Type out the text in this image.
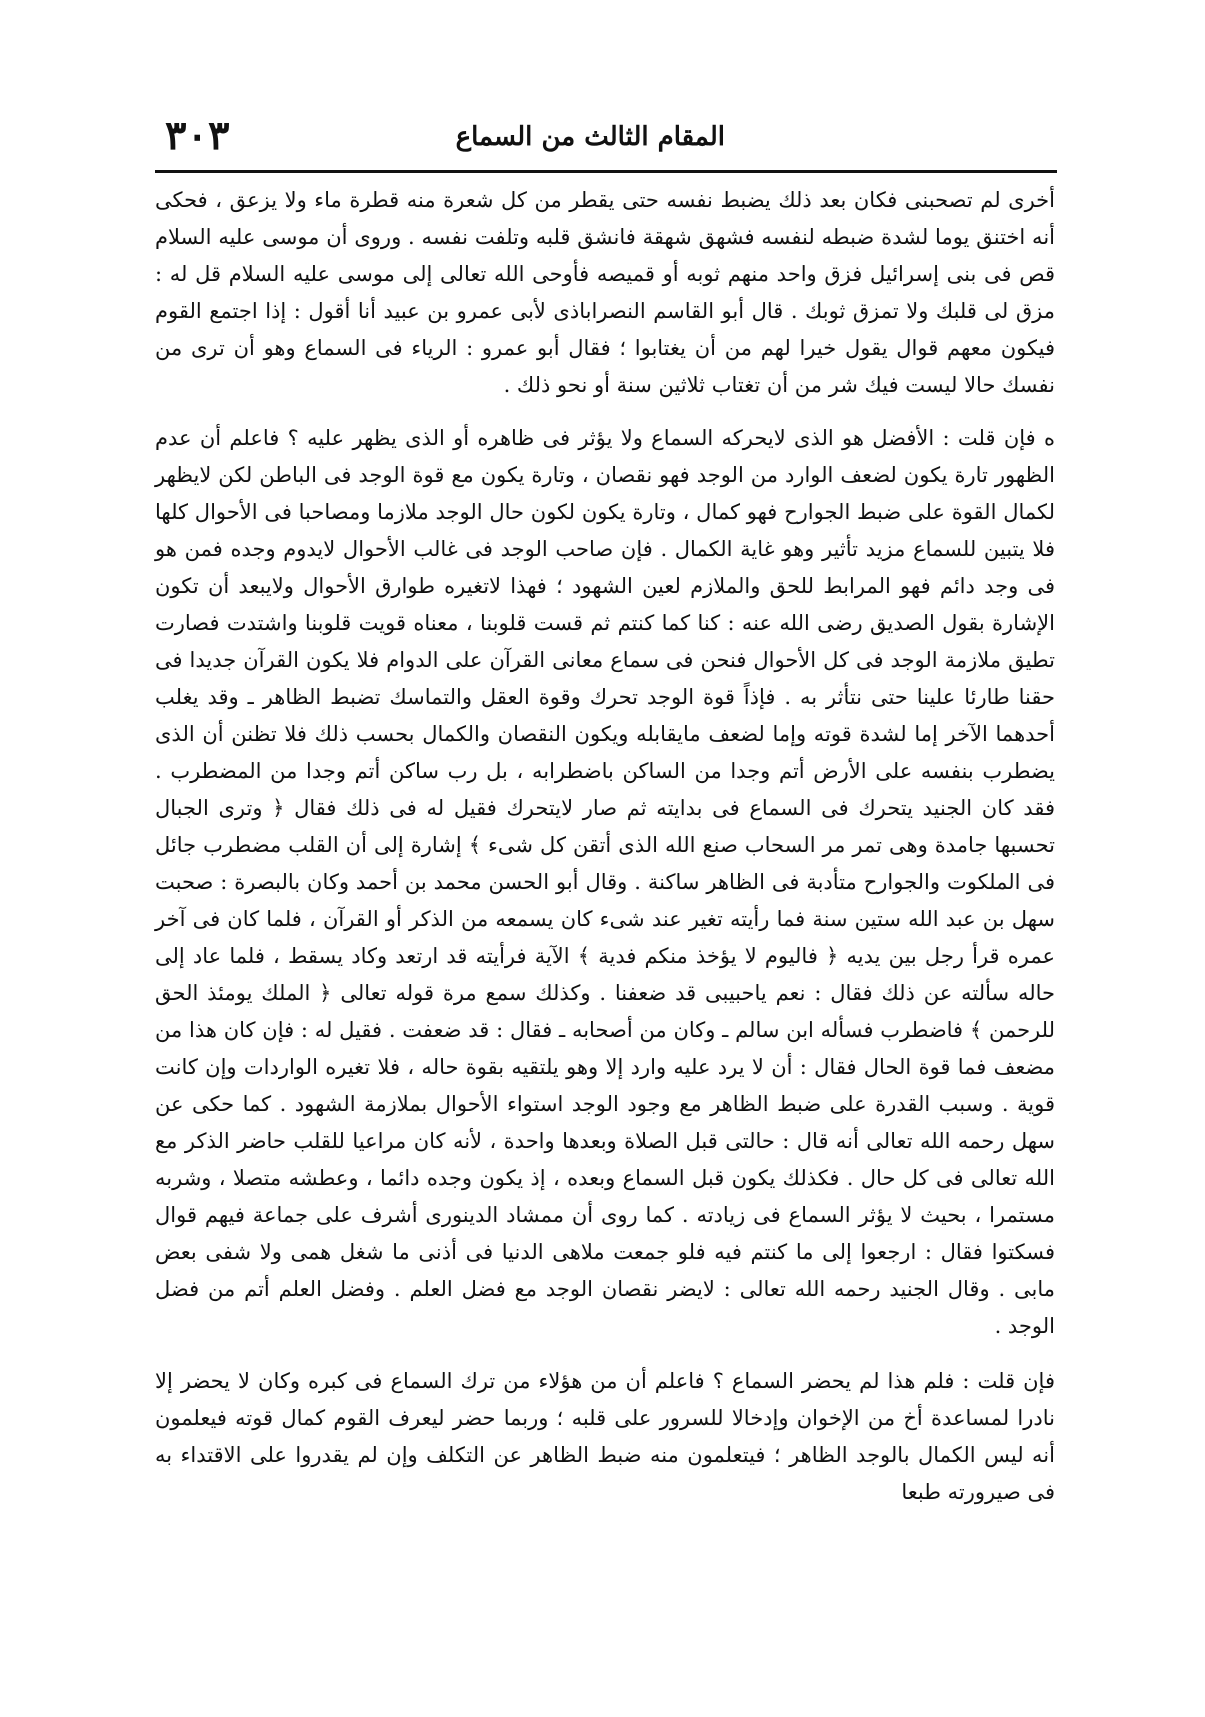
المقام الثالث من السماع
٣٠٣

أخرى لم تصحبنى فكان بعد ذلك يضبط نفسه حتى يقطر من كل شعرة منه قطرة ماء ولا يزعق ، فحكى أنه اختنق يوما لشدة ضبطه لنفسه فشهق شهقة فانشق قلبه وتلفت نفسه . وروى أن موسى عليه السلام قص فى بنى إسرائيل فزق واحد منهم ثوبه أو قميصه فأوحى الله تعالى إلى موسى عليه السلام قل له : مزق لى قلبك ولا تمزق ثوبك . قال أبو القاسم النصراباذى لأبى عمرو بن عبيد أنا أقول : إذا اجتمع القوم فيكون معهم قوال يقول خيرا لهم من أن يغتابوا ؛ فقال أبو عمرو : الرياء فى السماع وهو أن ترى من نفسك حالا ليست فيك شر من أن تغتاب ثلاثين سنة أو نحو ذلك .

ه فإن قلت : الأفضل هو الذى لايحركه السماع ولا يؤثر فى ظاهره أو الذى يظهر عليه ؟ فاعلم أن عدم الظهور تارة يكون لضعف الوارد من الوجد فهو نقصان ، وتارة يكون مع قوة الوجد فى الباطن لكن لايظهر لكمال القوة على ضبط الجوارح فهو كمال ، وتارة يكون لكون حال الوجد ملازما ومصاحبا فى الأحوال كلها فلا يتبين للسماع مزيد تأثير وهو غاية الكمال . فإن صاحب الوجد فى غالب الأحوال لايدوم وجده فمن هو فى وجد دائم فهو المرابط للحق والملازم لعين الشهود ؛ فهذا لاتغيره طوارق الأحوال ولايبعد أن تكون الإشارة بقول الصديق رضى الله عنه : كنا كما كنتم ثم قست قلوبنا ، معناه قويت قلوبنا واشتدت فصارت تطيق ملازمة الوجد فى كل الأحوال فنحن فى سماع معانى القرآن على الدوام فلا يكون القرآن جديدا فى حقنا طارئا علينا حتى نتأثر به . فإذاً قوة الوجد تحرك وقوة العقل والتماسك تضبط الظاهر ـ وقد يغلب أحدهما الآخر إما لشدة قوته وإما لضعف مايقابله ويكون النقصان والكمال بحسب ذلك فلا تظنن أن الذى يضطرب بنفسه على الأرض أتم وجدا من الساكن باضطرابه ، بل رب ساكن أتم وجدا من المضطرب . فقد كان الجنيد يتحرك فى السماع فى بدايته ثم صار لايتحرك فقيل له فى ذلك فقال ﴿ وترى الجبال تحسبها جامدة وهى تمر مر السحاب صنع الله الذى أتقن كل شىء ﴾ إشارة إلى أن القلب مضطرب جائل فى الملكوت والجوارح متأدبة فى الظاهر ساكنة . وقال أبو الحسن محمد بن أحمد وكان بالبصرة : صحبت سهل بن عبد الله ستين سنة فما رأيته تغير عند شىء كان يسمعه من الذكر أو القرآن ، فلما كان فى آخر عمره قرأ رجل بين يديه ﴿ فاليوم لا يؤخذ منكم فدية ﴾ الآية فرأيته قد ارتعد وكاد يسقط ، فلما عاد إلى حاله سألته عن ذلك فقال : نعم ياحبيبى قد ضعفنا . وكذلك سمع مرة قوله تعالى ﴿ الملك يومئذ الحق للرحمن ﴾ فاضطرب فسأله ابن سالم ـ وكان من أصحابه ـ فقال : قد ضعفت . فقيل له : فإن كان هذا من مضعف فما قوة الحال فقال : أن لا يرد عليه وارد إلا وهو يلتقيه بقوة حاله ، فلا تغيره الواردات وإن كانت قوية . وسبب القدرة على ضبط الظاهر مع وجود الوجد استواء الأحوال بملازمة الشهود . كما حكى عن سهل رحمه الله تعالى أنه قال : حالتى قبل الصلاة وبعدها واحدة ، لأنه كان مراعيا للقلب حاضر الذكر مع الله تعالى فى كل حال . فكذلك يكون قبل السماع وبعده ، إذ يكون وجده دائما ، وعطشه متصلا ، وشربه مستمرا ، بحيث لا يؤثر السماع فى زيادته . كما روى أن ممشاد الدينورى أشرف على جماعة فيهم قوال فسكتوا فقال : ارجعوا إلى ما كنتم فيه فلو جمعت ملاهى الدنيا فى أذنى ما شغل همى ولا شفى بعض مابى . وقال الجنيد رحمه الله تعالى : لايضر نقصان الوجد مع فضل العلم . وفضل العلم أتم من فضل الوجد .

فإن قلت : فلم هذا لم يحضر السماع ؟ فاعلم أن من هؤلاء من ترك السماع فى كبره وكان لا يحضر إلا نادرا لمساعدة أخ من الإخوان وإدخالا للسرور على قلبه ؛ وربما حضر ليعرف القوم كمال قوته فيعلمون أنه ليس الكمال بالوجد الظاهر ؛ فيتعلمون منه ضبط الظاهر عن التكلف وإن لم يقدروا على الاقتداء به فى صيرورته طبعا
